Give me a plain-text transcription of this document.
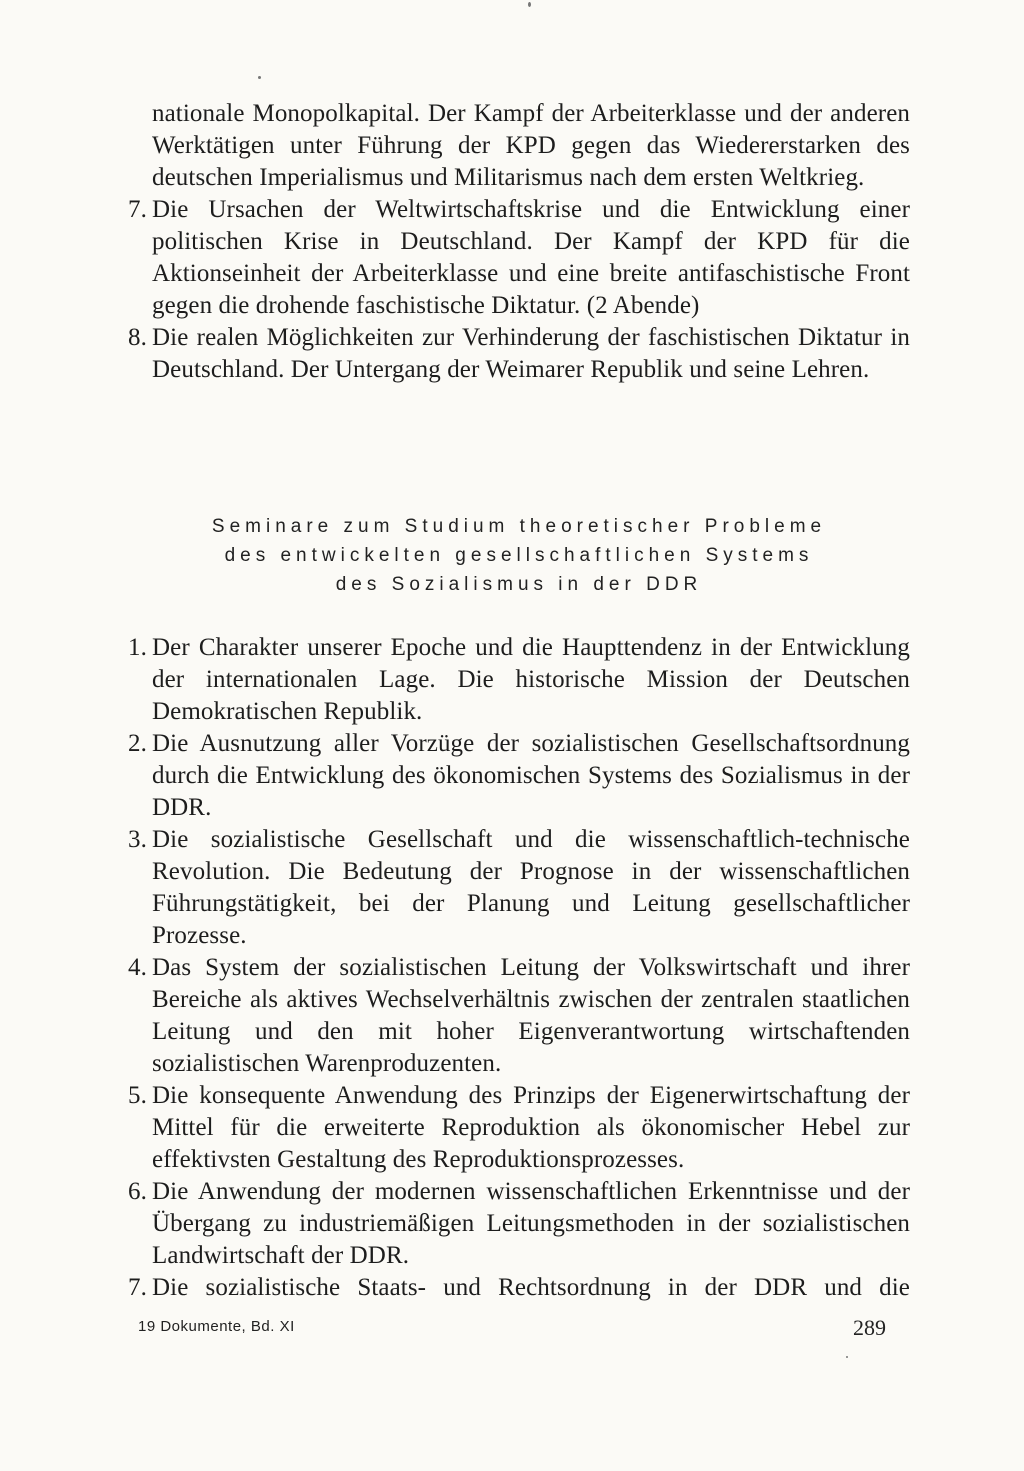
nationale Monopolkapital. Der Kampf der Arbeiterklasse und der anderen Werktätigen unter Führung der KPD gegen das Wiedererstarken des deutschen Imperialismus und Militarismus nach dem ersten Weltkrieg.

7. Die Ursachen der Weltwirtschaftskrise und die Entwicklung einer politischen Krise in Deutschland. Der Kampf der KPD für die Aktionseinheit der Arbeiterklasse und eine breite antifaschistische Front gegen die drohende faschistische Diktatur. (2 Abende)
8. Die realen Möglichkeiten zur Verhinderung der faschistischen Diktatur in Deutschland. Der Untergang der Weimarer Republik und seine Lehren.
Seminare zum Studium theoretischer Probleme
des entwickelten gesellschaftlichen Systems
des Sozialismus in der DDR
1. Der Charakter unserer Epoche und die Haupttendenz in der Entwicklung der internationalen Lage. Die historische Mission der Deutschen Demokratischen Republik.
2. Die Ausnutzung aller Vorzüge der sozialistischen Gesellschaftsordnung durch die Entwicklung des ökonomischen Systems des Sozialismus in der DDR.
3. Die sozialistische Gesellschaft und die wissenschaftlich-technische Revolution. Die Bedeutung der Prognose in der wissenschaftlichen Führungstätigkeit, bei der Planung und Leitung gesellschaftlicher Prozesse.
4. Das System der sozialistischen Leitung der Volkswirtschaft und ihrer Bereiche als aktives Wechselverhältnis zwischen der zentralen staatlichen Leitung und den mit hoher Eigenverantwortung wirtschaftenden sozialistischen Warenproduzenten.
5. Die konsequente Anwendung des Prinzips der Eigenerwirtschaftung der Mittel für die erweiterte Reproduktion als ökonomischer Hebel zur effektivsten Gestaltung des Reproduktionsprozesses.
6. Die Anwendung der modernen wissenschaftlichen Erkenntnisse und der Übergang zu industriemäßigen Leitungsmethoden in der sozialistischen Landwirtschaft der DDR.
7. Die sozialistische Staats- und Rechtsordnung in der DDR und die
19 Dokumente, Bd. XI	289
